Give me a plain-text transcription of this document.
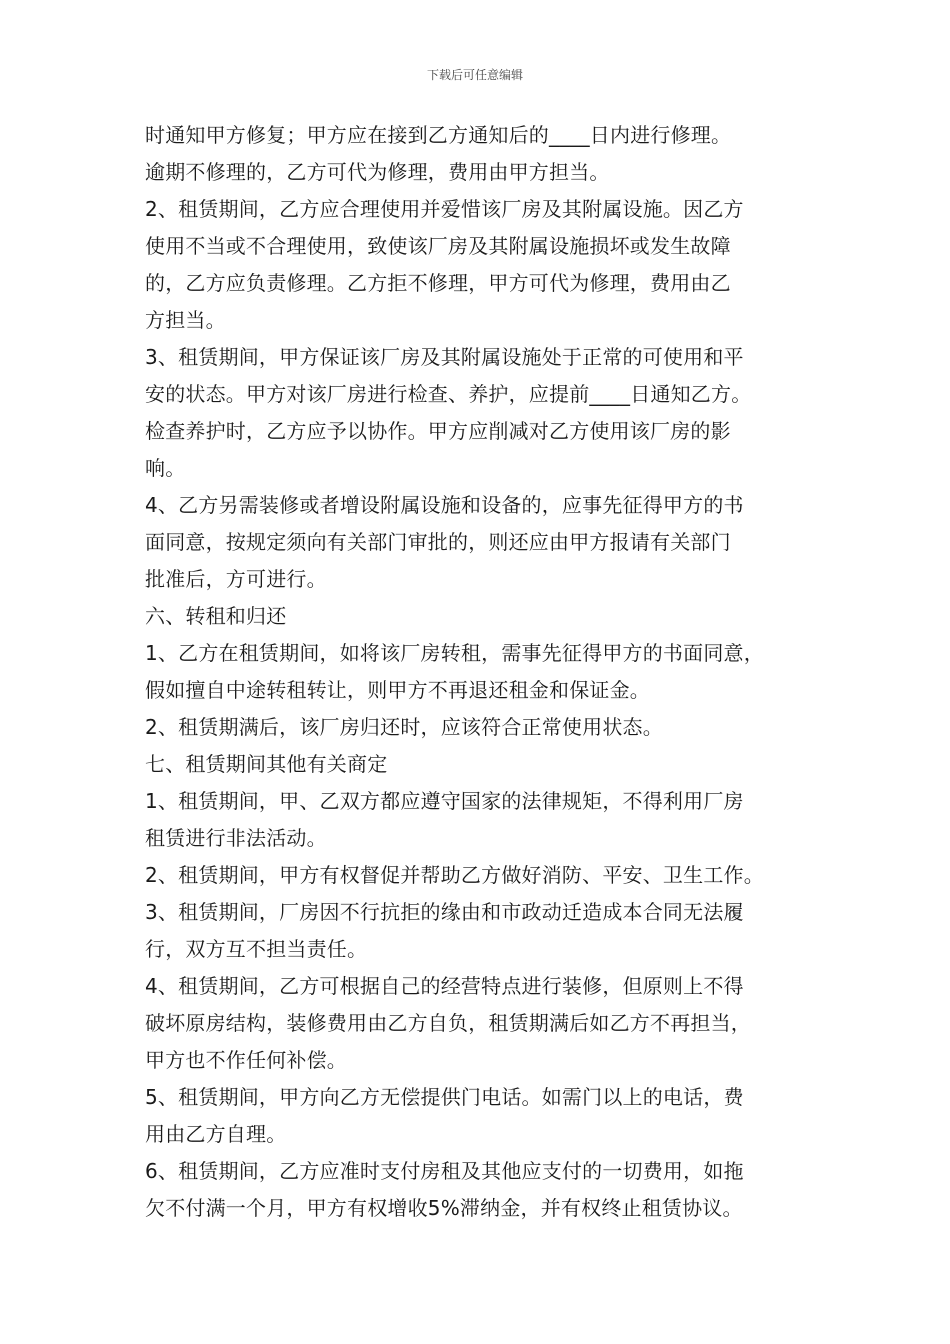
下载后可任意编辑
时通知甲方修复；甲方应在接到乙方通知后的____日内进行修理。
逾期不修理的，乙方可代为修理，费用由甲方担当。
2、租赁期间，乙方应合理使用并爱惜该厂房及其附属设施。因乙方
使用不当或不合理使用，致使该厂房及其附属设施损坏或发生故障
的，乙方应负责修理。乙方拒不修理，甲方可代为修理，费用由乙
方担当。
3、租赁期间，甲方保证该厂房及其附属设施处于正常的可使用和平
安的状态。甲方对该厂房进行检查、养护，应提前____日通知乙方。
检查养护时，乙方应予以协作。甲方应削减对乙方使用该厂房的影
响。
4、乙方另需装修或者增设附属设施和设备的，应事先征得甲方的书
面同意，按规定须向有关部门审批的，则还应由甲方报请有关部门
批准后，方可进行。
六、转租和归还
1、乙方在租赁期间，如将该厂房转租，需事先征得甲方的书面同意，
假如擅自中途转租转让，则甲方不再退还租金和保证金。
2、租赁期满后，该厂房归还时，应该符合正常使用状态。
七、租赁期间其他有关商定
1、租赁期间，甲、乙双方都应遵守国家的法律规矩，不得利用厂房
租赁进行非法活动。
2、租赁期间，甲方有权督促并帮助乙方做好消防、平安、卫生工作。
3、租赁期间，厂房因不行抗拒的缘由和市政动迁造成本合同无法履
行，双方互不担当责任。
4、租赁期间，乙方可根据自己的经营特点进行装修，但原则上不得
破坏原房结构，装修费用由乙方自负，租赁期满后如乙方不再担当，
甲方也不作任何补偿。
5、租赁期间，甲方向乙方无偿提供门电话。如需门以上的电话，费
用由乙方自理。
6、租赁期间，乙方应准时支付房租及其他应支付的一切费用，如拖
欠不付满一个月，甲方有权增收5%滞纳金，并有权终止租赁协议。
